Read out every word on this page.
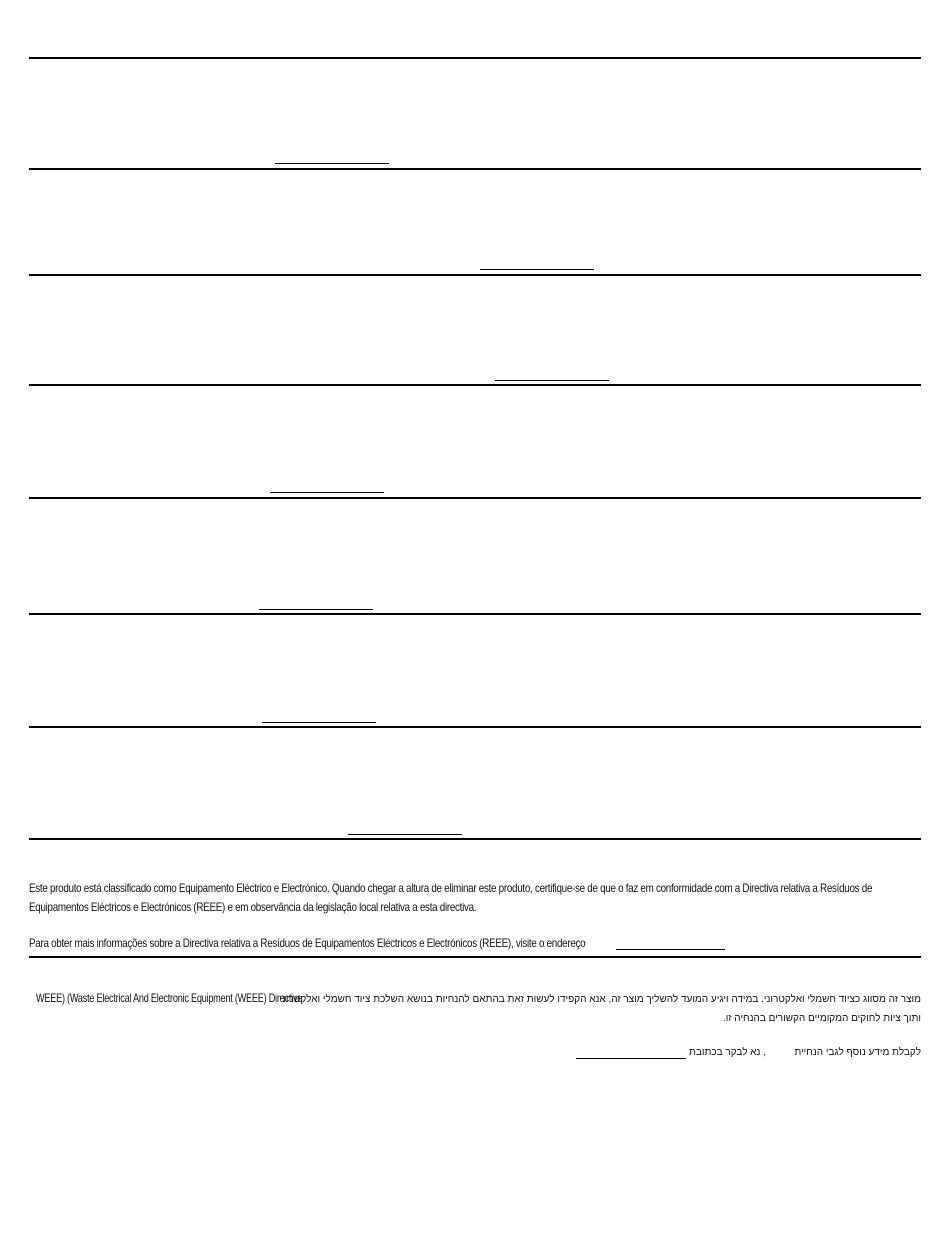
Este produto está classificado como Equipamento Eléctrico e Electrónico. Quando chegar a altura de eliminar este produto, certifique-se de que o faz em conformidade com a Directiva relativa a Resíduos de Equipamentos Eléctricos e Electrónicos (REEE) e em observância da legislação local relativa a esta directiva.
Para obter mais informações sobre a Directiva relativa a Resíduos de Equipamentos Eléctricos e Electrónicos (REEE), visite o endereço
WEEE) (Waste Electrical And Electronic Equipment (WEEE) Directive
מוצר זה מסווג כציוד חשמלי ואלקטרוני. במידה ויגיע המועד להשליך מוצר זה, אנא הקפידו לעשות זאת בהתאם להנחיות בנושא השלכת ציוד חשמלי ואלקטרוני
ותוך ציות לחוקים המקומיים הקשורים בהנחיה זו.
לקבלת מידע נוסף לגבי הנחיית
, נא לבקר בכתובת
